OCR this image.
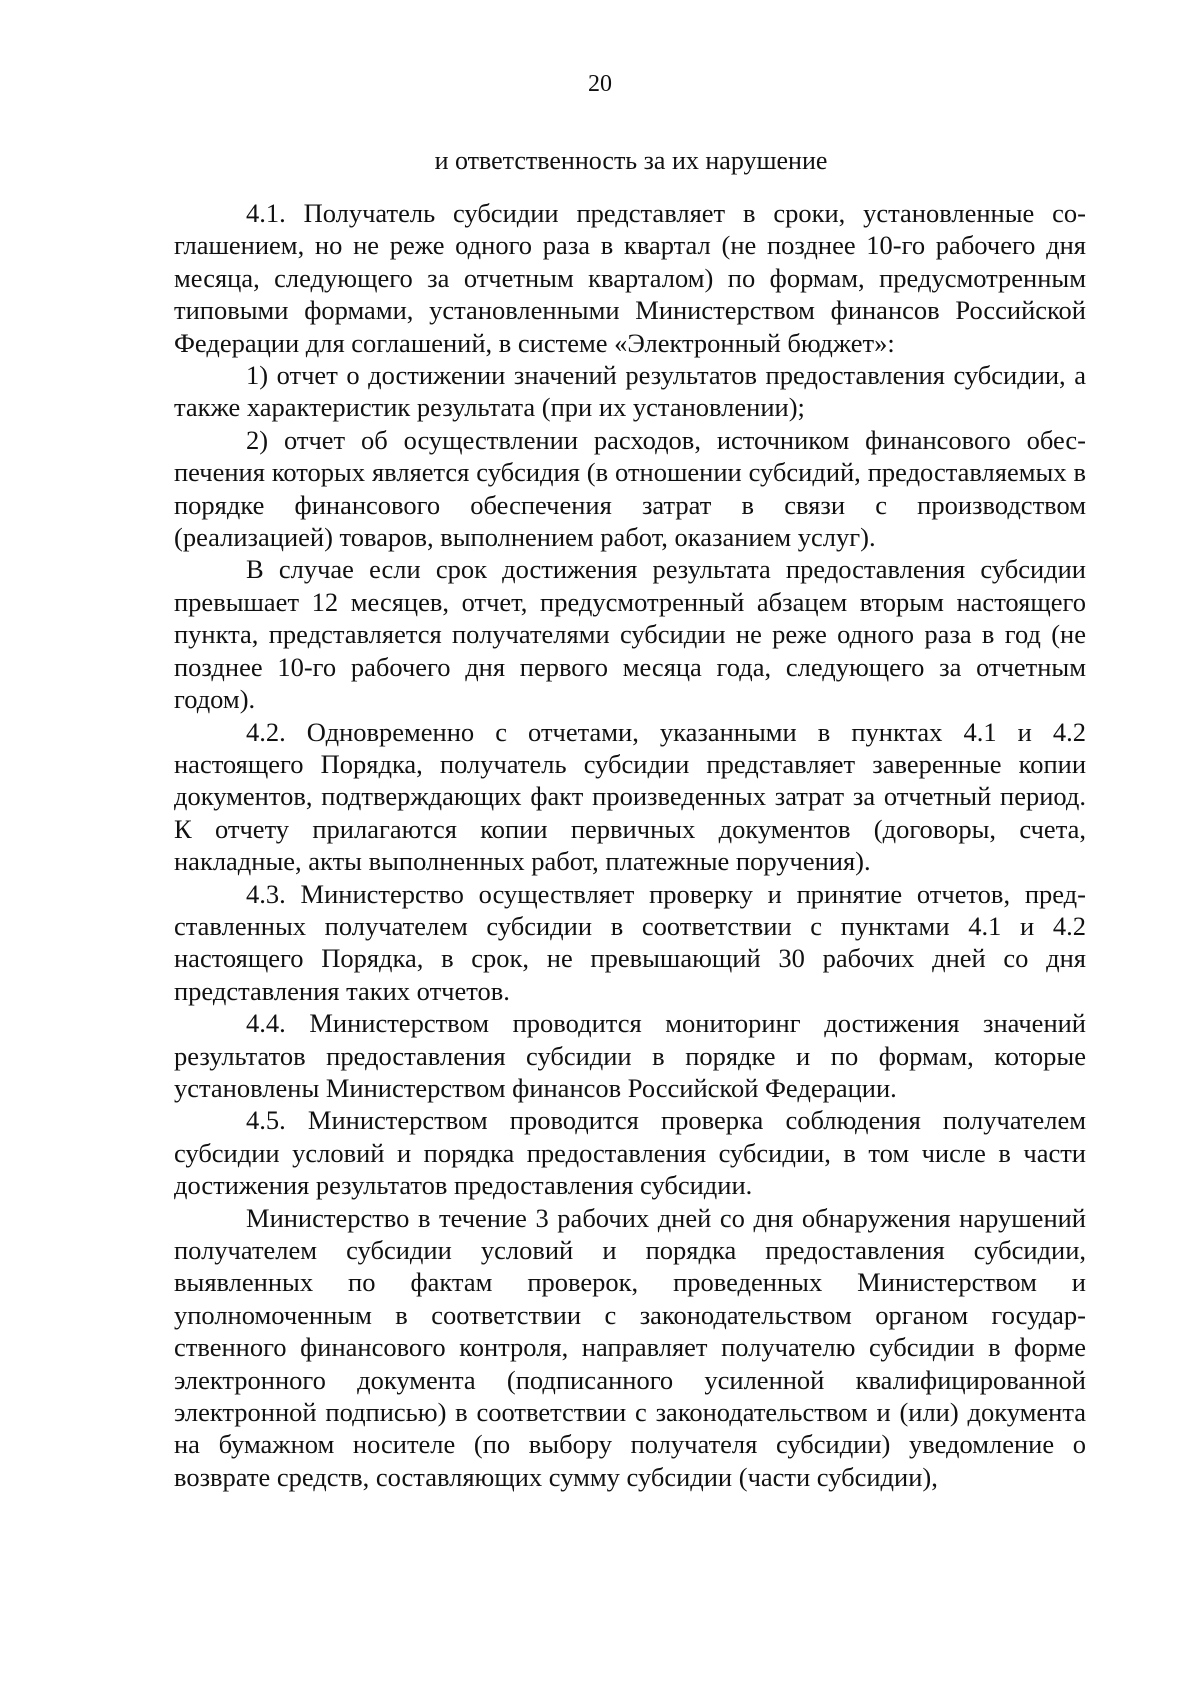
20
и ответственность за их нарушение

4.1. Получатель субсидии представляет в сроки, установленные соглашением, но не реже одного раза в квартал (не позднее 10-го рабочего дня месяца, следующего за отчетным кварталом) по формам, предусмотренным типовыми формами, установленными Министерством финансов Российской Федерации для соглашений, в системе «Электронный бюджет»:

1) отчет о достижении значений результатов предоставления субсидии, а также характеристик результата (при их установлении);

2) отчет об осуществлении расходов, источником финансового обеспечения которых является субсидия (в отношении субсидий, предоставляемых в порядке финансового обеспечения затрат в связи с производством (реализацией) товаров, выполнением работ, оказанием услуг).

В случае если срок достижения результата предоставления субсидии превышает 12 месяцев, отчет, предусмотренный абзацем вторым настоящего пункта, представляется получателями субсидии не реже одного раза в год (не позднее 10-го рабочего дня первого месяца года, следующего за отчетным годом).

4.2. Одновременно с отчетами, указанными в пунктах 4.1 и 4.2 настоящего Порядка, получатель субсидии представляет заверенные копии документов, подтверждающих факт произведенных затрат за отчетный период. К отчету прилагаются копии первичных документов (договоры, счета, накладные, акты выполненных работ, платежные поручения).

4.3. Министерство осуществляет проверку и принятие отчетов, представленных получателем субсидии в соответствии с пунктами 4.1 и 4.2 настоящего Порядка, в срок, не превышающий 30 рабочих дней со дня представления таких отчетов.

4.4. Министерством проводится мониторинг достижения значений результатов предоставления субсидии в порядке и по формам, которые установлены Министерством финансов Российской Федерации.

4.5. Министерством проводится проверка соблюдения получателем субсидии условий и порядка предоставления субсидии, в том числе в части достижения результатов предоставления субсидии.

Министерство в течение 3 рабочих дней со дня обнаружения нарушений получателем субсидии условий и порядка предоставления субсидии, выявленных по фактам проверок, проведенных Министерством и уполномоченным в соответствии с законодательством органом государственного финансового контроля, направляет получателю субсидии в форме электронного документа (подписанного усиленной квалифицированной электронной подписью) в соответствии с законодательством и (или) документа на бумажном носителе (по выбору получателя субсидии) уведомление о возврате средств, составляющих сумму субсидии (части субсидии),
